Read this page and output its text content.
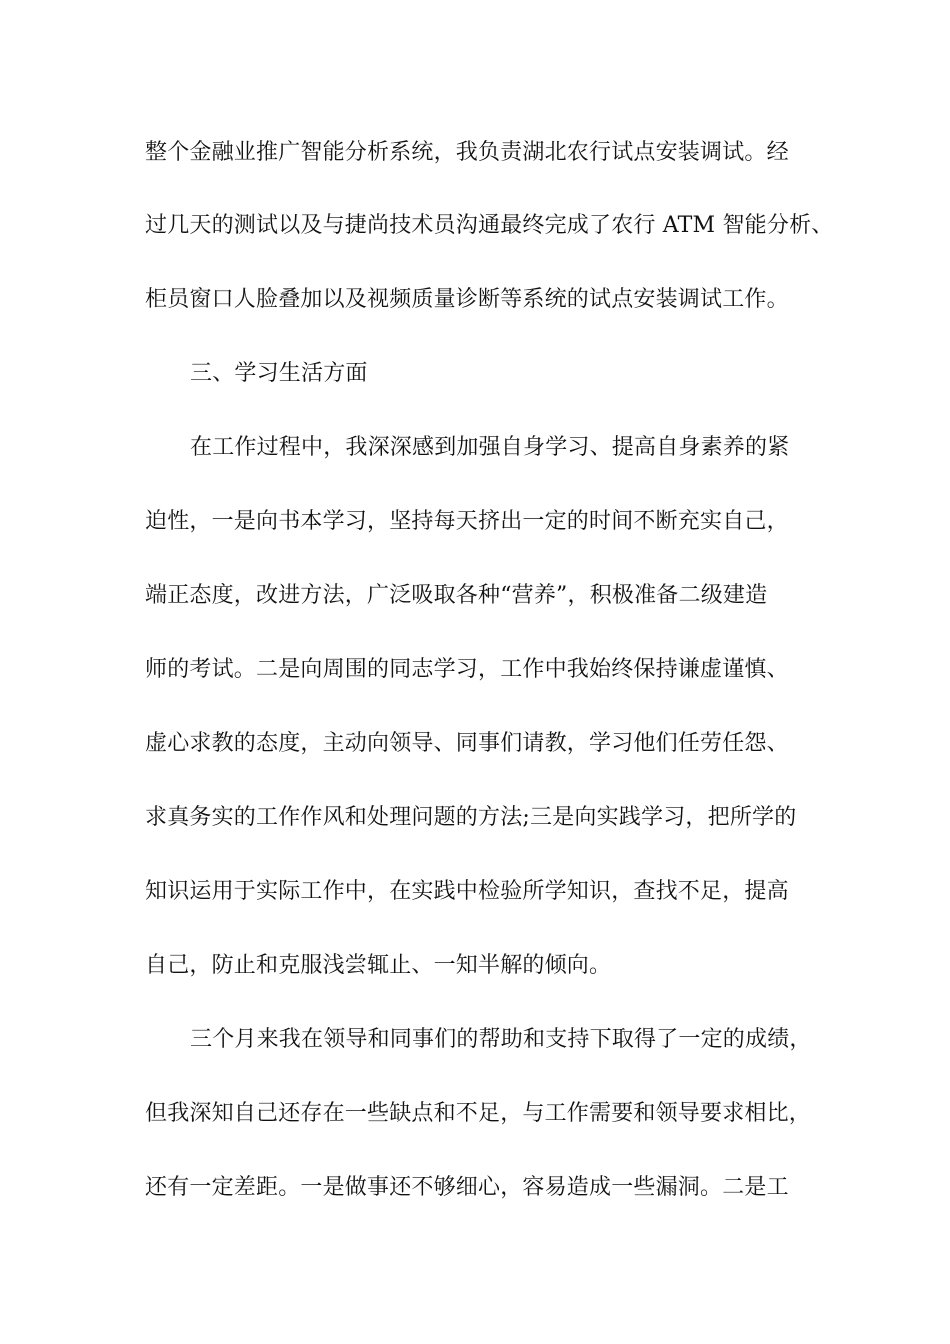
整个金融业推广智能分析系统，我负责湖北农行试点安装调试。经
过几天的测试以及与捷尚技术员沟通最终完成了农行 ATM 智能分析、
柜员窗口人脸叠加以及视频质量诊断等系统的试点安装调试工作。
三、学习生活方面
在工作过程中，我深深感到加强自身学习、提高自身素养的紧
迫性，一是向书本学习，坚持每天挤出一定的时间不断充实自己，
端正态度，改进方法，广泛吸取各种“营养”，积极准备二级建造
师的考试。二是向周围的同志学习，工作中我始终保持谦虚谨慎、
虚心求教的态度，主动向领导、同事们请教，学习他们任劳任怨、
求真务实的工作作风和处理问题的方法;三是向实践学习，把所学的
知识运用于实际工作中，在实践中检验所学知识，查找不足，提高
自己，防止和克服浅尝辄止、一知半解的倾向。
三个月来我在领导和同事们的帮助和支持下取得了一定的成绩，
但我深知自己还存在一些缺点和不足，与工作需要和领导要求相比，
还有一定差距。一是做事还不够细心，容易造成一些漏洞。二是工
